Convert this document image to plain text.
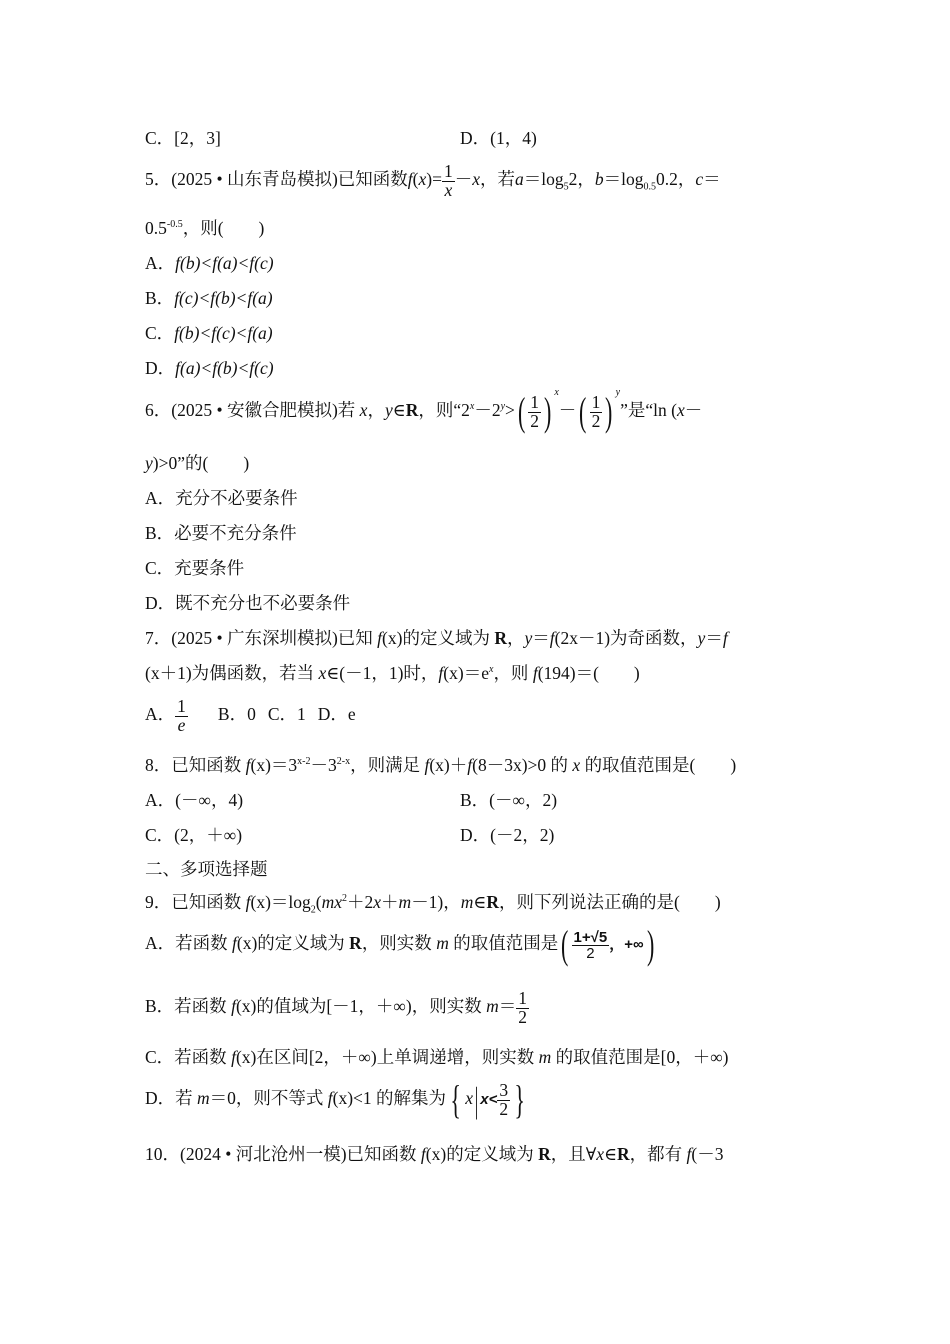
C．[2，3]	D．(1，4)
5．(2025 • 山东青岛模拟)已知函数$f(x)= \frac{1}{x} -x$，若$a=\log_52$，$b=\log_{0.5}0.2$，c＝
$0.5^{-0.5}$，则(　　)
A．f(b)<f(a)<f(c)
B．f(c)<f(b)<f(a)
C．f(b)<f(c)<f(a)
D．f(a)<f(b)<f(c)
6．(2025 • 安徽合肥模拟)若 x，y∈R，则“$2^x-2^y>( \frac{1}{2}$ ) $^x-( \frac{1}{2}$ ) $^y$”是“ln (x－
y)>0”的(　　)
A．充分不必要条件
B．必要不充分条件
C．充要条件
D．既不充分也不必要条件
7．(2025 • 广东深圳模拟)已知 f(x)的定义域为 R，y＝f(2x－1)为奇函数，y＝f
(x＋1)为偶函数，若当 x∈(－1，1)时，$f(x)=e^x$，则 f(194)＝(　　)
A． $\frac{1}{e}$ B．0 C．1 D．e
8．已知函数 $f(x)=3^{x-2}-3^{2-x}$，则满足 f(x)＋f(8－3x)>0 的 x 的取值范围是(　　)
A．(－∞，4)	B．(－∞，2)
C．(2，＋∞)	D．(－2，2)
二、多项选择题
9．已知函数 $f(x)=\log_2(mx^2+2x+m-1)$，m∈R，则下列说法正确的是(　　)
A．若函数 f(x)的定义域为 R，则实数 m 的取值范围是( $\frac{1+√5}{2}$ ，+∞)
B．若函数 f(x)的值域为[－1，＋∞)，则实数 $m= \frac{1}{2}$
C．若函数 f(x)在区间[2，＋∞)上单调递增，则实数 m 的取值范围是[0，＋∞)
D．若 m＝0，则不等式 f(x)<1 的解集为 { x| $x< \frac{3}{2}$ }
10．(2024 • 河北沧州一模)已知函数 f(x)的定义域为 R，且∀x∈R，都有 f(－3
